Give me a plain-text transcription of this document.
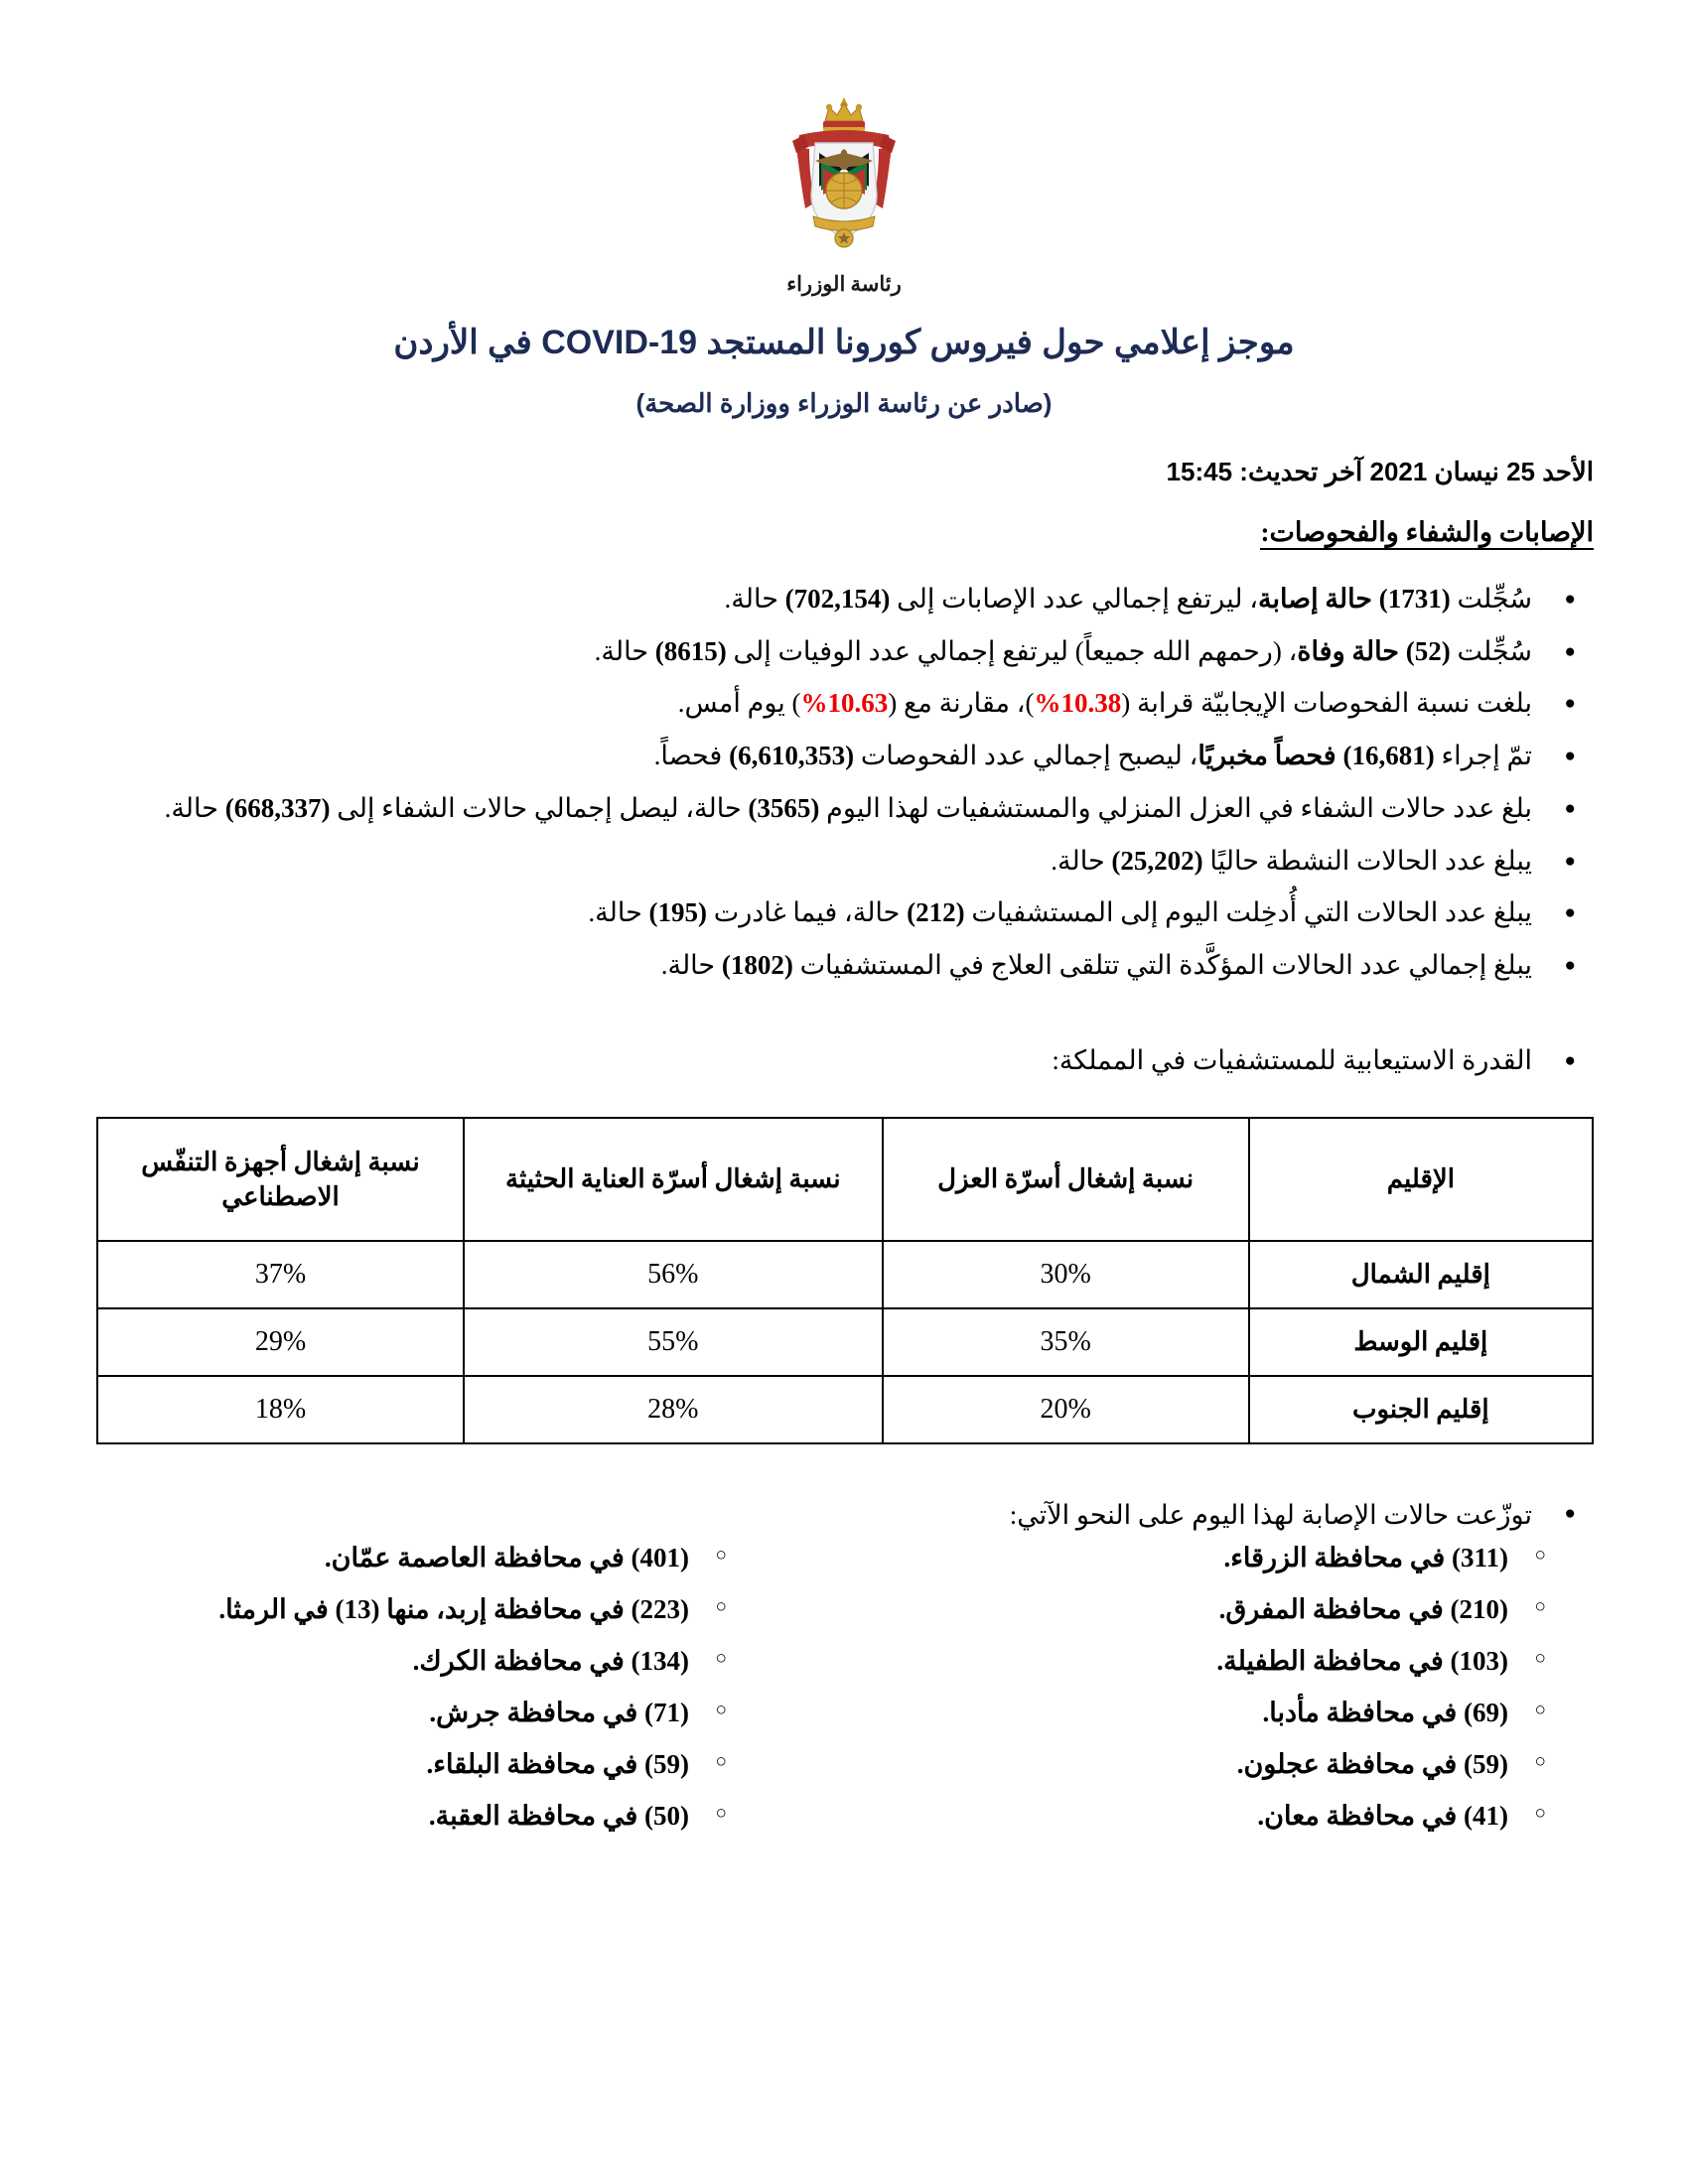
رئاسة الوزراء
موجز إعلامي حول فيروس كورونا المستجد COVID-19 في الأردن
(صادر عن رئاسة الوزراء ووزارة الصحة)
الأحد 25 نيسان 2021 آخر تحديث: 15:45
الإصابات والشفاء والفحوصات:
● سُجِّلت (1731) حالة إصابة، ليرتفع إجمالي عدد الإصابات إلى (702,154) حالة.
● سُجِّلت (52) حالة وفاة، (رحمهم الله جميعاً) ليرتفع إجمالي عدد الوفيات إلى (8615) حالة.
● بلغت نسبة الفحوصات الإيجابيّة قرابة (10.38%)، مقارنة مع (10.63%) يوم أمس.
● تمّ إجراء (16,681) فحصاً مخبريًا، ليصبح إجمالي عدد الفحوصات (6,610,353) فحصاً.
● بلغ عدد حالات الشفاء في العزل المنزلي والمستشفيات لهذا اليوم (3565) حالة، ليصل إجمالي حالات الشفاء إلى (668,337) حالة.
● يبلغ عدد الحالات النشطة حاليًا (25,202) حالة.
● يبلغ عدد الحالات التي أُدخِلت اليوم إلى المستشفيات (212) حالة، فيما غادرت (195) حالة.
● يبلغ إجمالي عدد الحالات المؤكَّدة التي تتلقى العلاج في المستشفيات (1802) حالة.
● القدرة الاستيعابية للمستشفيات في المملكة:
الإقليم	نسبة إشغال أسرّة العزل	نسبة إشغال أسرّة العناية الحثيثة	نسبة إشغال أجهزة التنفّس الاصطناعي
إقليم الشمال	30%	56%	37%
إقليم الوسط	35%	55%	29%
إقليم الجنوب	20%	28%	18%
● توزّعت حالات الإصابة لهذا اليوم على النحو الآتي:
○ (311) في محافظة الزرقاء.
○ (210) في محافظة المفرق.
○ (103) في محافظة الطفيلة.
○ (69) في محافظة مأدبا.
○ (59) في محافظة عجلون.
○ (41) في محافظة معان.
○ (401) في محافظة العاصمة عمّان.
○ (223) في محافظة إربد، منها (13) في الرمثا.
○ (134) في محافظة الكرك.
○ (71) في محافظة جرش.
○ (59) في محافظة البلقاء.
○ (50) في محافظة العقبة.
